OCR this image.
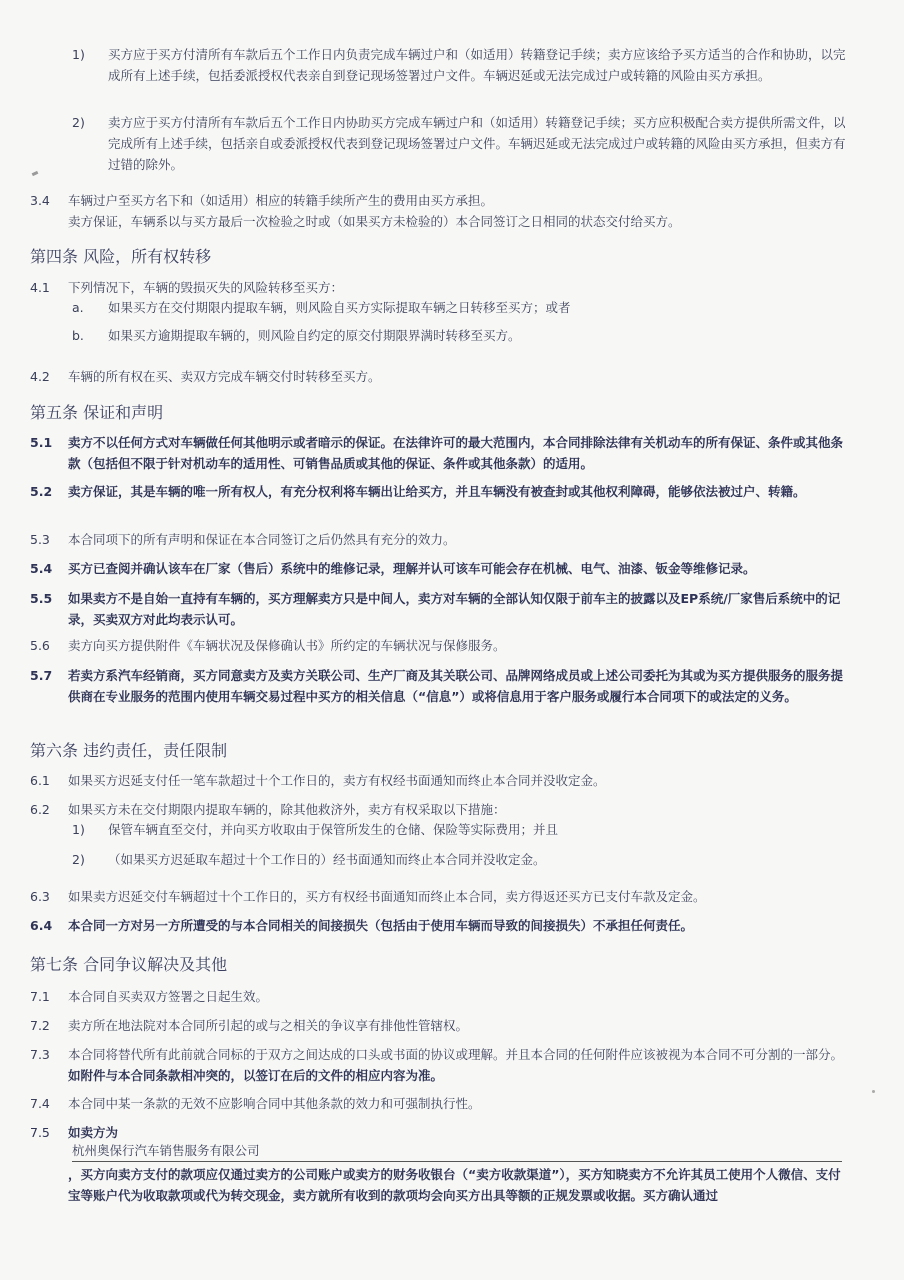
1)	买方应于买方付清所有车款后五个工作日内负责完成车辆过户和（如适用）转籍登记手续；卖方应该给予买方适当的合作和协助，以完成所有上述手续，包括委派授权代表亲自到登记现场签署过户文件。车辆迟延或无法完成过户或转籍的风险由买方承担。
2)	卖方应于买方付清所有车款后五个工作日内协助买方完成车辆过户和（如适用）转籍登记手续；买方应积极配合卖方提供所需文件，以完成所有上述手续，包括亲自或委派授权代表到登记现场签署过户文件。车辆迟延或无法完成过户或转籍的风险由买方承担，但卖方有过错的除外。
3.4	车辆过户至买方名下和（如适用）相应的转籍手续所产生的费用由买方承担。
卖方保证，车辆系以与买方最后一次检验之时或（如果买方未检验的）本合同签订之日相同的状态交付给买方。
第四条 风险，所有权转移
4.1	下列情况下，车辆的毁损灭失的风险转移至买方：
a.	如果买方在交付期限内提取车辆，则风险自买方实际提取车辆之日转移至买方；或者
b.	如果买方逾期提取车辆的，则风险自约定的原交付期限界满时转移至买方。
4.2	车辆的所有权在买、卖双方完成车辆交付时转移至买方。
第五条 保证和声明
5.1	卖方不以任何方式对车辆做任何其他明示或者暗示的保证。在法律许可的最大范围内，本合同排除法律有关机动车的所有保证、条件或其他条款（包括但不限于针对机动车的适用性、可销售品质或其他的保证、条件或其他条款）的适用。
5.2	卖方保证，其是车辆的唯一所有权人，有充分权利将车辆出让给买方，并且车辆没有被查封或其他权利障碍，能够依法被过户、转籍。
5.3	本合同项下的所有声明和保证在本合同签订之后仍然具有充分的效力。
5.4	买方已查阅并确认该车在厂家（售后）系统中的维修记录，理解并认可该车可能会存在机械、电气、油漆、钣金等维修记录。
5.5	如果卖方不是自始一直持有车辆的，买方理解卖方只是中间人，卖方对车辆的全部认知仅限于前车主的披露以及EP系统/厂家售后系统中的记录，买卖双方对此均表示认可。
5.6	卖方向买方提供附件《车辆状况及保修确认书》所约定的车辆状况与保修服务。
5.7	若卖方系汽车经销商，买方同意卖方及卖方关联公司、生产厂商及其关联公司、品牌网络成员或上述公司委托为其或为买方提供服务的服务提供商在专业服务的范围内使用车辆交易过程中买方的相关信息（“信息”）或将信息用于客户服务或履行本合同项下的或法定的义务。
第六条 违约责任，责任限制
6.1	如果买方迟延支付任一笔车款超过十个工作日的，卖方有权经书面通知而终止本合同并没收定金。
6.2	如果买方未在交付期限内提取车辆的，除其他救济外，卖方有权采取以下措施：
1)	保管车辆直至交付，并向买方收取由于保管所发生的仓储、保险等实际费用；并且
2)	（如果买方迟延取车超过十个工作日的）经书面通知而终止本合同并没收定金。
6.3	如果卖方迟延交付车辆超过十个工作日的，买方有权经书面通知而终止本合同，卖方得返还买方已支付车款及定金。
6.4	本合同一方对另一方所遭受的与本合同相关的间接损失（包括由于使用车辆而导致的间接损失）不承担任何责任。
第七条 合同争议解决及其他
7.1	本合同自买卖双方签署之日起生效。
7.2	卖方所在地法院对本合同所引起的或与之相关的争议享有排他性管辖权。
7.3	本合同将替代所有此前就合同标的于双方之间达成的口头或书面的协议或理解。并且本合同的任何附件应该被视为本合同不可分割的一部分。如附件与本合同条款相冲突的，以签订在后的文件的相应内容为准。
7.4	本合同中某一条款的无效不应影响合同中其他条款的效力和可强制执行性。
7.5	如卖方为
杭州奥保行汽车销售服务有限公司
，买方向卖方支付的款项应仅通过卖方的公司账户或卖方的财务收银台（“卖方收款渠道”），买方知晓卖方不允许其员工使用个人微信、支付宝等账户代为收取款项或代为转交现金，卖方就所有收到的款项均会向买方出具等额的正规发票或收据。买方确认通过
